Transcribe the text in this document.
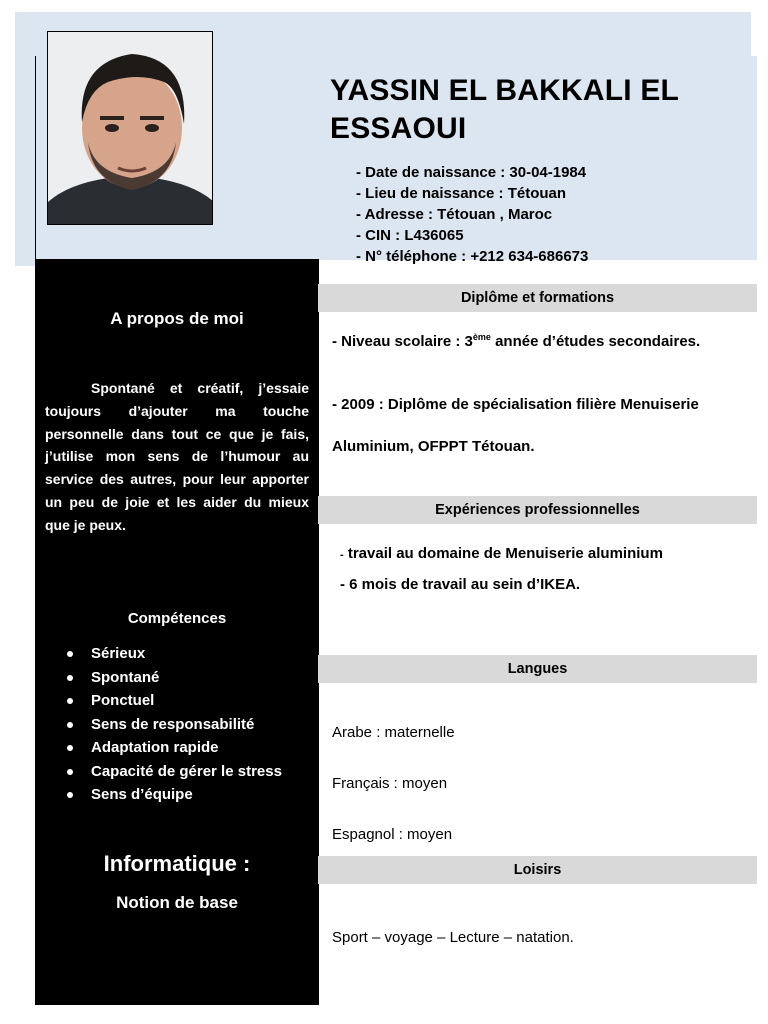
YASSIN EL BAKKALI EL
ESSAOUI
- Date de naissance : 30-04-1984
- Lieu de naissance : Tétouan
- Adresse : Tétouan , Maroc
- CIN : L436065
- N° téléphone : +212 634-686673
A propos de moi

Spontané et créatif, j’essaie toujours d’ajouter ma touche personnelle dans tout ce que je fais, j’utilise mon sens de l’humour au service des autres, pour leur apporter un peu de joie et les aider du mieux que je peux.

Compétences
Sérieux
Spontané
Ponctuel
Sens de responsabilité
Adaptation rapide
Capacité de gérer le stress
Sens d’équipe
Informatique :
Notion de base
Diplôme et formations
- Niveau scolaire : 3ème année d’études secondaires.
- 2009 : Diplôme de spécialisation filière Menuiserie Aluminium, OFPPT Tétouan.
Expériences professionnelles
- travail au domaine de Menuiserie aluminium
- 6 mois de travail au sein d’IKEA.
Langues
Arabe : maternelle
Français : moyen
Espagnol : moyen
Loisirs
Sport – voyage – Lecture – natation.
